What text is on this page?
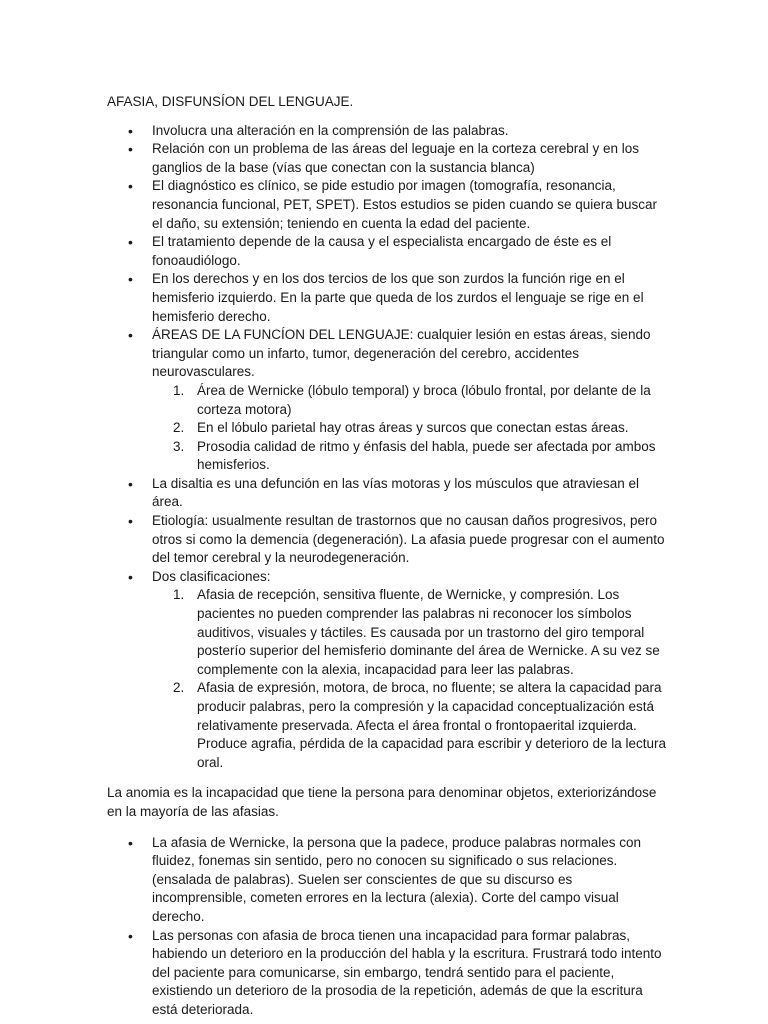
AFASIA, DISFUNSÍON DEL LENGUAJE.

• Involucra una alteración en la comprensión de las palabras.
• Relación con un problema de las áreas del leguaje en la corteza cerebral y en los ganglios de la base (vías que conectan con la sustancia blanca)
• El diagnóstico es clínico, se pide estudio por imagen (tomografía, resonancia, resonancia funcional, PET, SPET). Estos estudios se piden cuando se quiera buscar el daño, su extensión; teniendo en cuenta la edad del paciente.
• El tratamiento depende de la causa y el especialista encargado de éste es el fonoaudiólogo.
• En los derechos y en los dos tercios de los que son zurdos la función rige en el hemisferio izquierdo. En la parte que queda de los zurdos el lenguaje se rige en el hemisferio derecho.
• ÁREAS DE LA FUNCÍON DEL LENGUAJE: cualquier lesión en estas áreas, siendo triangular como un infarto, tumor, degeneración del cerebro, accidentes neurovasculares.
1. Área de Wernicke (lóbulo temporal) y broca (lóbulo frontal, por delante de la corteza motora)
2. En el lóbulo parietal hay otras áreas y surcos que conectan estas áreas.
3. Prosodia calidad de ritmo y énfasis del habla, puede ser afectada por ambos hemisferios.
• La disaltia es una defunción en las vías motoras y los músculos que atraviesan el área.
• Etiología: usualmente resultan de trastornos que no causan daños progresivos, pero otros si como la demencia (degeneración). La afasia puede progresar con el aumento del temor cerebral y la neurodegeneración.
• Dos clasificaciones:
1. Afasia de recepción, sensitiva fluente, de Wernicke, y compresión. Los pacientes no pueden comprender las palabras ni reconocer los símbolos auditivos, visuales y táctiles. Es causada por un trastorno del giro temporal posterío superior del hemisferio dominante del área de Wernicke. A su vez se complemente con la alexia, incapacidad para leer las palabras.
2. Afasia de expresión, motora, de broca, no fluente; se altera la capacidad para producir palabras, pero la compresión y la capacidad conceptualización está relativamente preservada. Afecta el área frontal o frontopaerital izquierda. Produce agrafia, pérdida de la capacidad para escribir y deterioro de la lectura oral.

La anomia es la incapacidad que tiene la persona para denominar objetos, exteriorizándose en la mayoría de las afasias.

• La afasia de Wernicke, la persona que la padece, produce palabras normales con fluidez, fonemas sin sentido, pero no conocen su significado o sus relaciones. (ensalada de palabras). Suelen ser conscientes de que su discurso es incomprensible, cometen errores en la lectura (alexia). Corte del campo visual derecho.
• Las personas con afasia de broca tienen una incapacidad para formar palabras, habiendo un deterioro en la producción del habla y la escritura. Frustrará todo intento del paciente para comunicarse, sin embargo, tendrá sentido para el paciente, existiendo un deterioro de la prosodia de la repetición, además de que la escritura está deteriorada.
